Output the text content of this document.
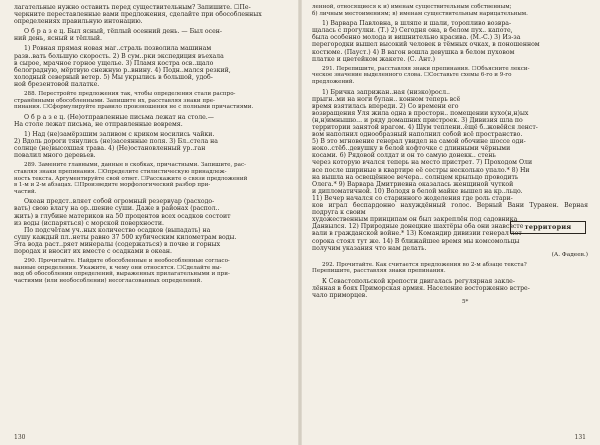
лагательные нужно оставить перед существительным? Запишите. ☐Пе-

черкните переставленные вами предложения, сделайте при обособленных

определениях правильную интонацию.

О б р а з е ц. Был ясный, тёплый осенний день. — Был осен-

ний день, ясный и тёплый.

1) Ровная прямая новая маг..страль позволила машинам

разв..вать большую скорость. 2) В сум..рки экспедиция въехала

в сырое, мрачное горное ущелье. 3) Пламя костра осв..щало

белоградную, мёртвую снежную р..внину. 4) Подн..мался резкий,

холодный северный ветер. 5) Мы укрылись в большой, удоб-

ной брезентовой палатке.

288. Перестройте предложения так, чтобы определения стали распро-

странёнными обособленными. Запишите их, расставляя знаки пре-

пинания. ☐Сформулируйте правило произношения не с полными причастиями.

О б р а з е ц. (Не)отправленные письма лежат на столе.—

На столе лежат письма, не отправленные вовремя.

1) Над (не)замёрзшим заливом с криком носились чайки.

2) Вдоль дороги тянулись (не)засеянные поля. 3) Бл..стела на

солнце (не)высохшая трава. 4) (Не)остановленный ур..ган

повалил много деревьев.

289. Замените главными, данные в скобках, причастными. Запишите, рас-

ставляя знаки препинания. ☐Определите стилистическую принадлеж-

ность текста. Аргументируйте свой ответ. ☐Расскажите о связи предложений

в 1-м и 2-м абзацах. ☐Произведите морфологический разбор при-

частий.

Океан предст..вляет собой огромный резервуар (расходо-

вать) свою влагу на ор..шение суши. Даже в районах (распол..

жить) в глубине материков на 50 процентов всех осадков состоит

из воды (испаряться) с морской поверхности.

По подсчётам уч..ных количество осадков (выпадать) на

сушу каждый пл..неты равно 37 500 кубическим километрам воды.

Эта вода раст..ряет минералы (содержаться) в почве и горных

породах и вносит их вместе с осадками в океан.

290. Прочитайте. Найдите обособленные и необособленные согласо-

ванные определения. Укажите, к чему они относятся. ☐Сделайте вы-

вод об обособлении определений, выраженных прилагательными и при-

частиями (или необособлении) несогласованных определений.

ленной, относящиеся к и) именам существительным собственным;

б) личным местоимениям; в) именам существительным нарицательным.

1) Варвара Павловна, в шляпе и шали, торопливо возвра-

щалась с прогулки. (Т.) 2) Сегодня она, в белом пух.. капоте,

была особенно молода и вишнительно красива. (М.-С.) 3) Из-за

перегородки вышел высокий человек в тёмных очках, в поношенном

костюме. (Пауст.) 4) В вагон вошла девушка в белом пуховом

платке и цветейком жакете. (С. Ант.)

291. Перепишите, расставляя знаки препинания. ☐Объясните лекси-

ческое значение выделенного слова. ☐Составьте схемы 6-го и 9-го

предложений.

1) Бричка заприжан..ная (низко)росл..

прыгн..ми на ноги булан.. конном теперь всё

время взятилась впереди. 2) Со времени его

возвращения Уля жила одна в просторн.. помещении кухо(н,н)ых

(н,н)имнышю... и ряду домашних пристроек. 3) Дивизия шла по

территории занятой врагом. 4) Шум теплени..ёщё б..жовёйся ленст-

вом наполнил однообразный наполнил собой всё пространство.

5) В это мгновение генерал увидел на самой обочине шоссе оди-

ноко..стёб..девушку в белой кофточке с длинными чёрными

косами. 6) Рядовой солдат и он то самую донекк.. стень

через которую вчался теперь на место пристрет. 7) Проходом Оли

все после шириные в квартире её сестры несколько упало.* 8) Ни

на вышла на освещённое вечера.. солнцем крыльцо проводить

Олега.* 9) Варвара Дмитриевна оказалась женщиной чуткой

и дипломатичной. 10) Володя в белой майке вышел на кр..льцо.

11) Вечер начался со старинного жоделения где роль стари-

ков играл беспардонно нахуждённый голос. Верный Вани Туранен. Верная подруга к своим

художественным принципам он был закреплён под садовника

Данвылся. 12) Природные донецкие шахтёры оба они знавсвсте

вали в гражданской войне.* 13) Командир дивизии генерал лет

сорока стоял тут же. 14) В ближайшее время мы комсомольцы

получим указания что нам делать.

(А. Фадеев.)

292. Прочитайте. Как считается предложения во 2-м абзаце текста?

Перепишите, расставляя знаки препинания.

К Севастопольской крепости двигалась регулярная закле-

лённая в боях Приморская армия. Население восторженно встре-

чало приморцев.

5*

130	131
территория
